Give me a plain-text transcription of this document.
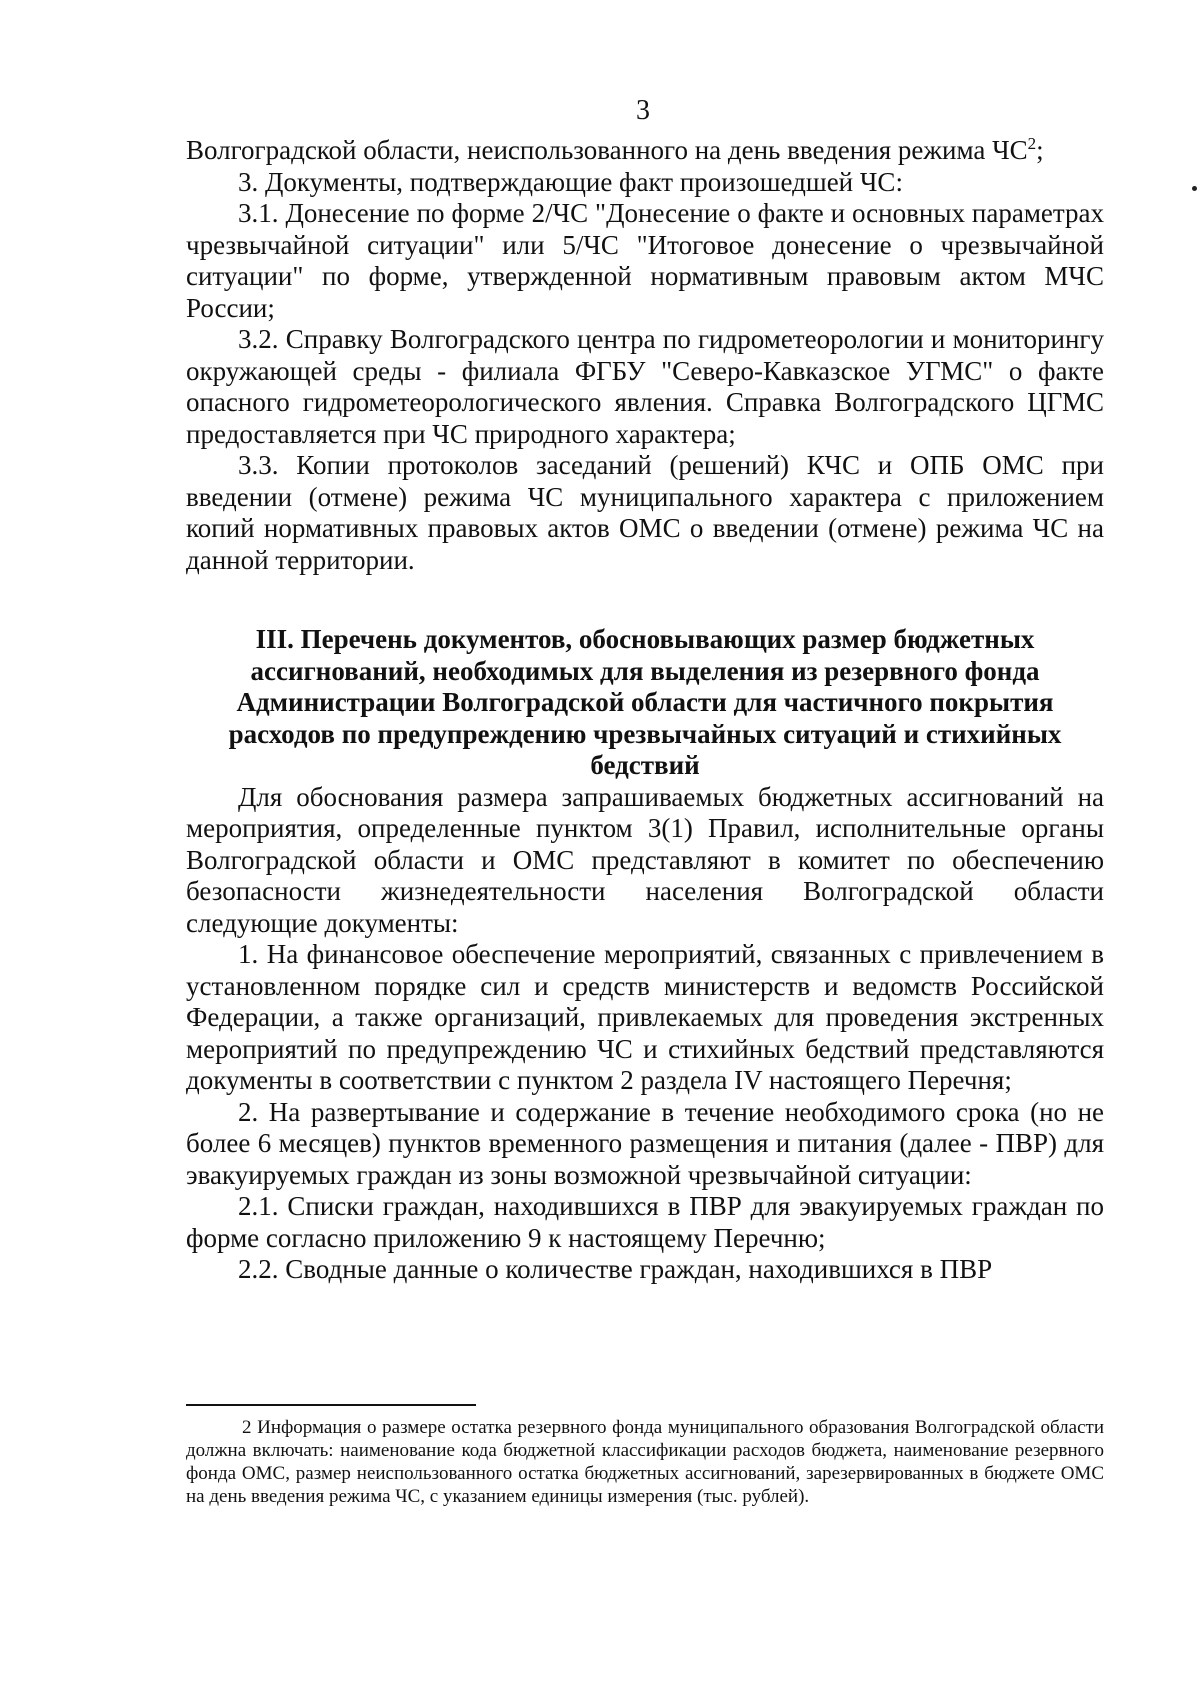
3

Волгоградской области, неиспользованного на день введения режима $ЧС^2$;

3. Документы, подтверждающие факт произошедшей ЧС:

3.1. Донесение по форме 2/ЧС "Донесение о факте и основных параметрах чрезвычайной ситуации" или 5/ЧС "Итоговое донесение о чрезвычайной ситуации" по форме, утвержденной нормативным правовым актом МЧС России;

3.2. Справку Волгоградского центра по гидрометеорологии и мониторингу окружающей среды - филиала ФГБУ "Северо-Кавказское УГМС" о факте опасного гидрометеорологического явления. Справка Волгоградского ЦГМС предоставляется при ЧС природного характера;

3.3. Копии протоколов заседаний (решений) КЧС и ОПБ ОМС при введении (отмене) режима ЧС муниципального характера с приложением копий нормативных правовых актов ОМС о введении (отмене) режима ЧС на данной территории.

III. Перечень документов, обосновывающих размер бюджетных ассигнований, необходимых для выделения из резервного фонда Администрации Волгоградской области для частичного покрытия расходов по предупреждению чрезвычайных ситуаций и стихийных бедствий

Для обоснования размера запрашиваемых бюджетных ассигнований на мероприятия, определенные пунктом 3(1) Правил, исполнительные органы Волгоградской области и ОМС представляют в комитет по обеспечению безопасности жизнедеятельности населения Волгоградской области следующие документы:

1. На финансовое обеспечение мероприятий, связанных с привлечением в установленном порядке сил и средств министерств и ведомств Российской Федерации, а также организаций, привлекаемых для проведения экстренных мероприятий по предупреждению ЧС и стихийных бедствий представляются документы в соответствии с пунктом 2 раздела IV настоящего Перечня;

2. На развертывание и содержание в течение необходимого срока (но не более 6 месяцев) пунктов временного размещения и питания (далее - ПВР) для эвакуируемых граждан из зоны возможной чрезвычайной ситуации:

2.1. Списки граждан, находившихся в ПВР для эвакуируемых граждан по форме согласно приложению 9 к настоящему Перечню;

2.2. Сводные данные о количестве граждан, находившихся в ПВР

2 Информация о размере остатка резервного фонда муниципального образования Волгоградской области должна включать: наименование кода бюджетной классификации расходов бюджета, наименование резервного фонда ОМС, размер неиспользованного остатка бюджетных ассигнований, зарезервированных в бюджете ОМС на день введения режима ЧС, с указанием единицы измерения (тыс. рублей).
